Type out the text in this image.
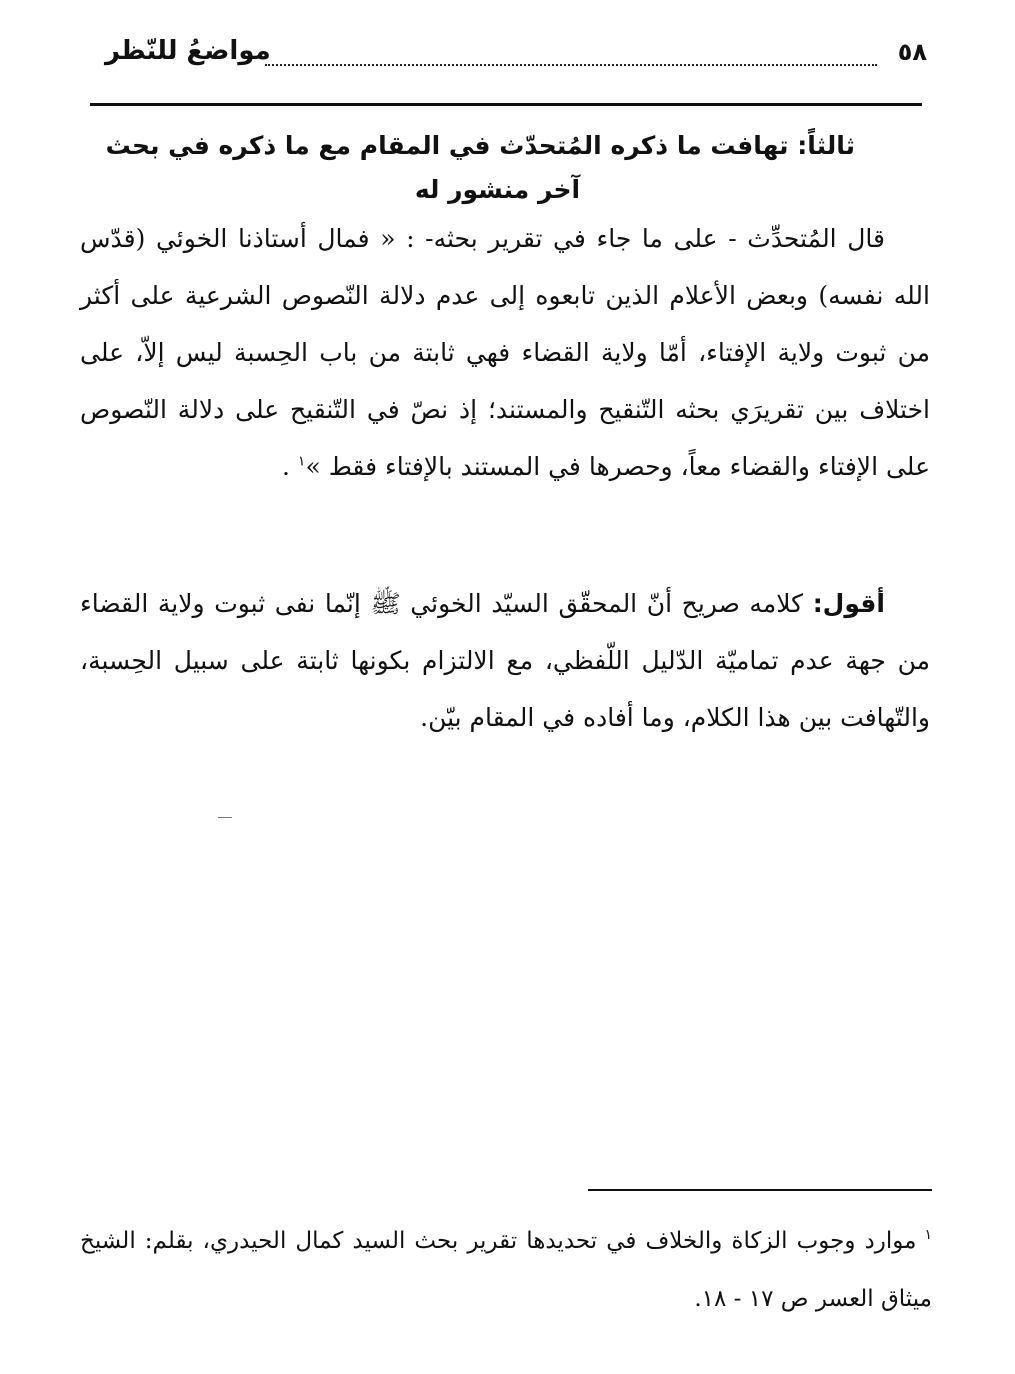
٥٨
مواضعُ للنّظر
ثالثاً: تهافت ما ذكره المُتحدّث في المقام مع ما ذكره في بحث
آخر منشور له
قال المُتحدِّث - على ما جاء في تقرير بحثه- : « فمال أستاذنا الخوئي (قدّس الله نفسه) وبعض الأعلام الذين تابعوه إلى عدم دلالة النّصوص الشرعية على أكثر من ثبوت ولاية الإفتاء، أمّا ولاية القضاء فهي ثابتة من باب الحِسبة ليس إلاّ، على اختلاف بين تقريرَي بحثه التّنقيح والمستند؛ إذ نصّ في التّنقيح على دلالة النّصوص على الإفتاء والقضاء معاً، وحصرها في المستند بالإفتاء فقط »$^١$ .
أقول: كلامه صريح أنّ المحقّق السيّد الخوئي ﷺ إنّما نفى ثبوت ولاية القضاء من جهة عدم تماميّة الدّليل اللّفظي، مع الالتزام بكونها ثابتة على سبيل الحِسبة، والتّهافت بين هذا الكلام، وما أفاده في المقام بيّن.
$^١$موارد وجوب الزكاة والخلاف في تحديدها تقرير بحث السيد كمال الحيدري، بقلم: الشيخ ميثاق العسر ص ١٧ - ١٨.
